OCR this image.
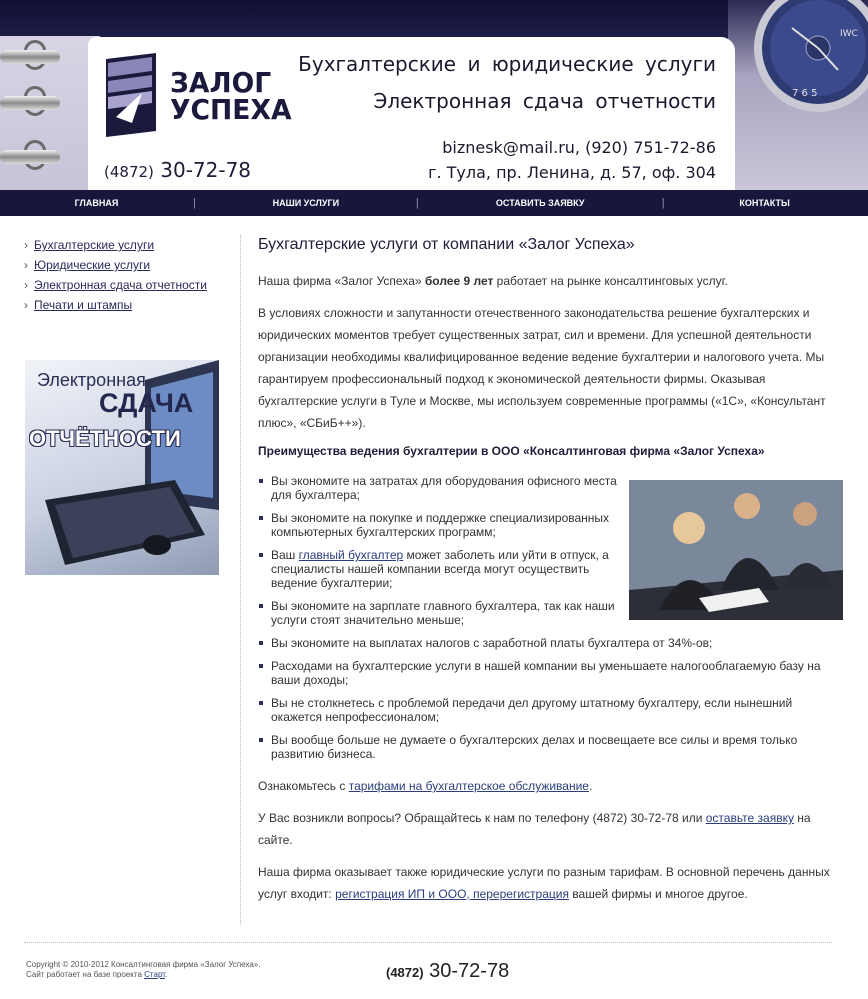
7 6 5
IWC
ЗАЛОГ
УСПЕХА
(4872) 30-72-78
Бухгалтерские и юридические услуги
Электронная сдача отчетности
biznesk@mail.ru, (920) 751-72-86
г. Тула, пр. Ленина, д. 57, оф. 304
ГЛАВНАЯ	|	НАШИ УСЛУГИ	|	ОСТАВИТЬ ЗАЯВКУ	|	КОНТАКТЫ
› Бухгалтерские услуги
› Юридические услуги
› Электронная сдача отчетности
› Печати и штампы
Электронная
СДАЧА
ОТЧЁТНОСТИ
Бухгалтерские услуги от компании «Залог Успеха»

Наша фирма «Залог Успеха» более 9 лет работает на рынке консалтинговых услуг.

В условиях сложности и запутанности отечественного законодательства решение бухгалтерских и юридических моментов требует существенных затрат, сил и времени. Для успешной деятельности организации необходимы квалифицированное ведение ведение бухгалтерии и налогового учета. Мы гарантируем профессиональный подход к экономической деятельности фирмы. Оказывая бухгалтерские услуги в Туле и Москве, мы используем современные программы («1С», «Консультант плюс», «СБиБ++»).

Преимущества ведения бухгалтерии в ООО «Консалтинговая фирма «Залог Успеха»
Вы экономите на затратах для оборудования офисного места для бухгалтера;
Вы экономите на покупке и поддержке специализированных компьютерных бухгалтерских программ;
Ваш главный бухгалтер может заболеть или уйти в отпуск, а специалисты нашей компании всегда могут осуществить ведение бухгалтерии;
Вы экономите на зарплате главного бухгалтера, так как наши услуги стоят значительно меньше;
Вы экономите на выплатах налогов с заработной платы бухгалтера от 34%-ов;
Расходами на бухгалтерские услуги в нашей компании вы уменьшаете налогооблагаемую базу на ваши доходы;
Вы не столкнетесь с проблемой передачи дел другому штатному бухгалтеру, если нынешний окажется непрофессионалом;
Вы вообще больше не думаете о бухгалтерских делах и посвещаете все силы и время только развитию бизнеса.

Ознакомьтесь с тарифами на бухгалтерское обслуживание.

У Вас возникли вопросы? Обращайтесь к нам по телефону (4872) 30-72-78 или оставьте заявку на сайте.

Наша фирма оказывает также юридические услуги по разным тарифам. В основной перечень данных услуг входит: регистрация ИП и ООО, перерегистрация вашей фирмы и многое другое.

Copyright © 2010-2012 Консалтинговая фирма «Залог Успеха».
Сайт работает на базе проекта Старт.	(4872) 30-72-78
